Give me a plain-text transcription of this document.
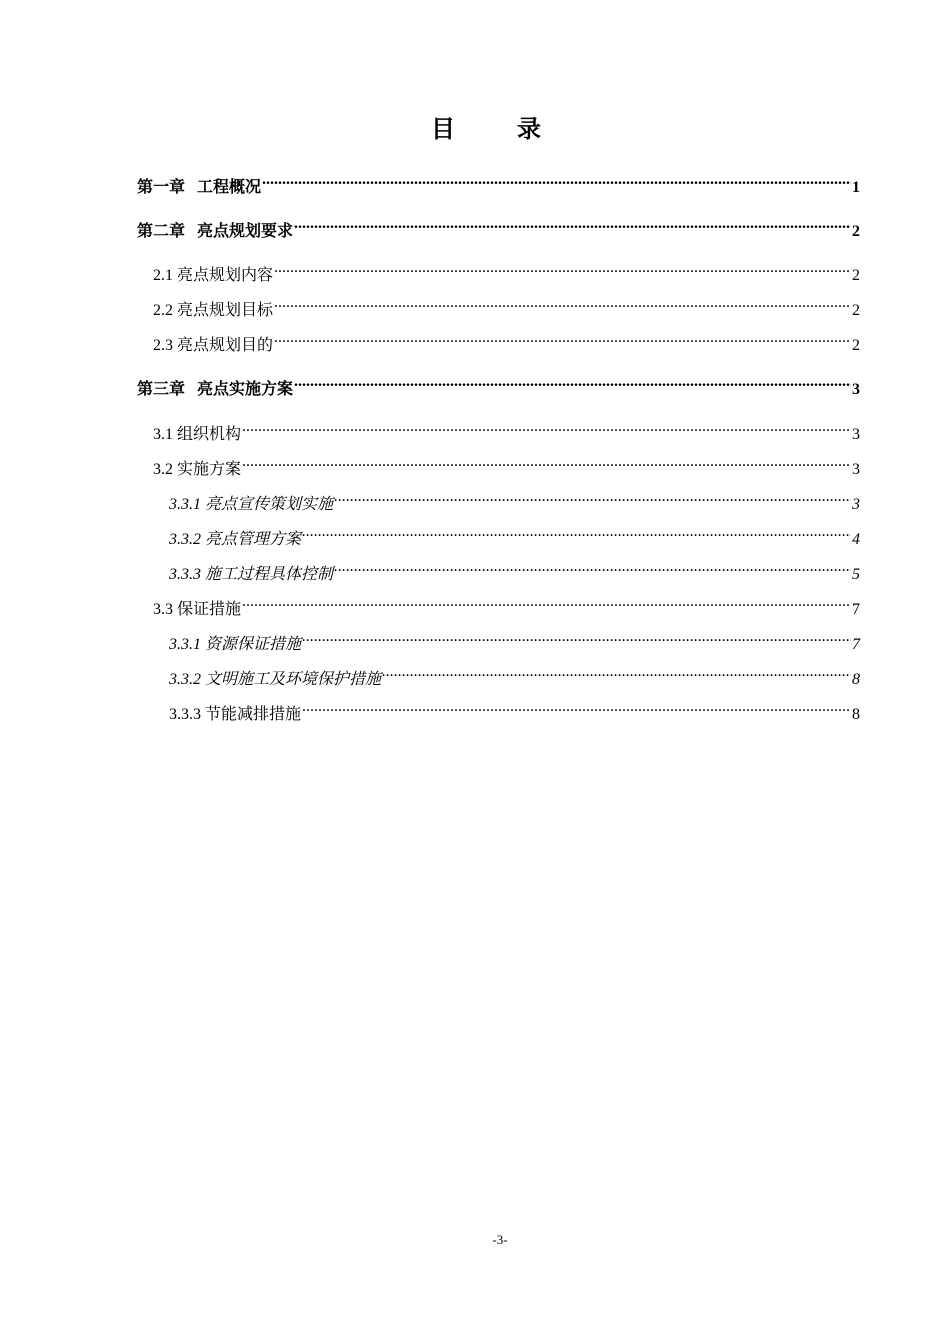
目 录
第一章 工程概况 .....	1
第二章 亮点规划要求 .....	2
2.1 亮点规划内容 .....	2
2.2 亮点规划目标 .....	2
2.3 亮点规划目的 .....	2
第三章 亮点实施方案 .....	3
3.1 组织机构 .....	3
3.2 实施方案 .....	3
3.3.1 亮点宣传策划实施 .....	3
3.3.2 亮点管理方案 .....	4
3.3.3 施工过程具体控制 .....	5
3.3 保证措施 .....	7
3.3.1 资源保证措施 .....	7
3.3.2 文明施工及环境保护措施 .....	8
3.3.3 节能减排措施 .....	8
-3-
